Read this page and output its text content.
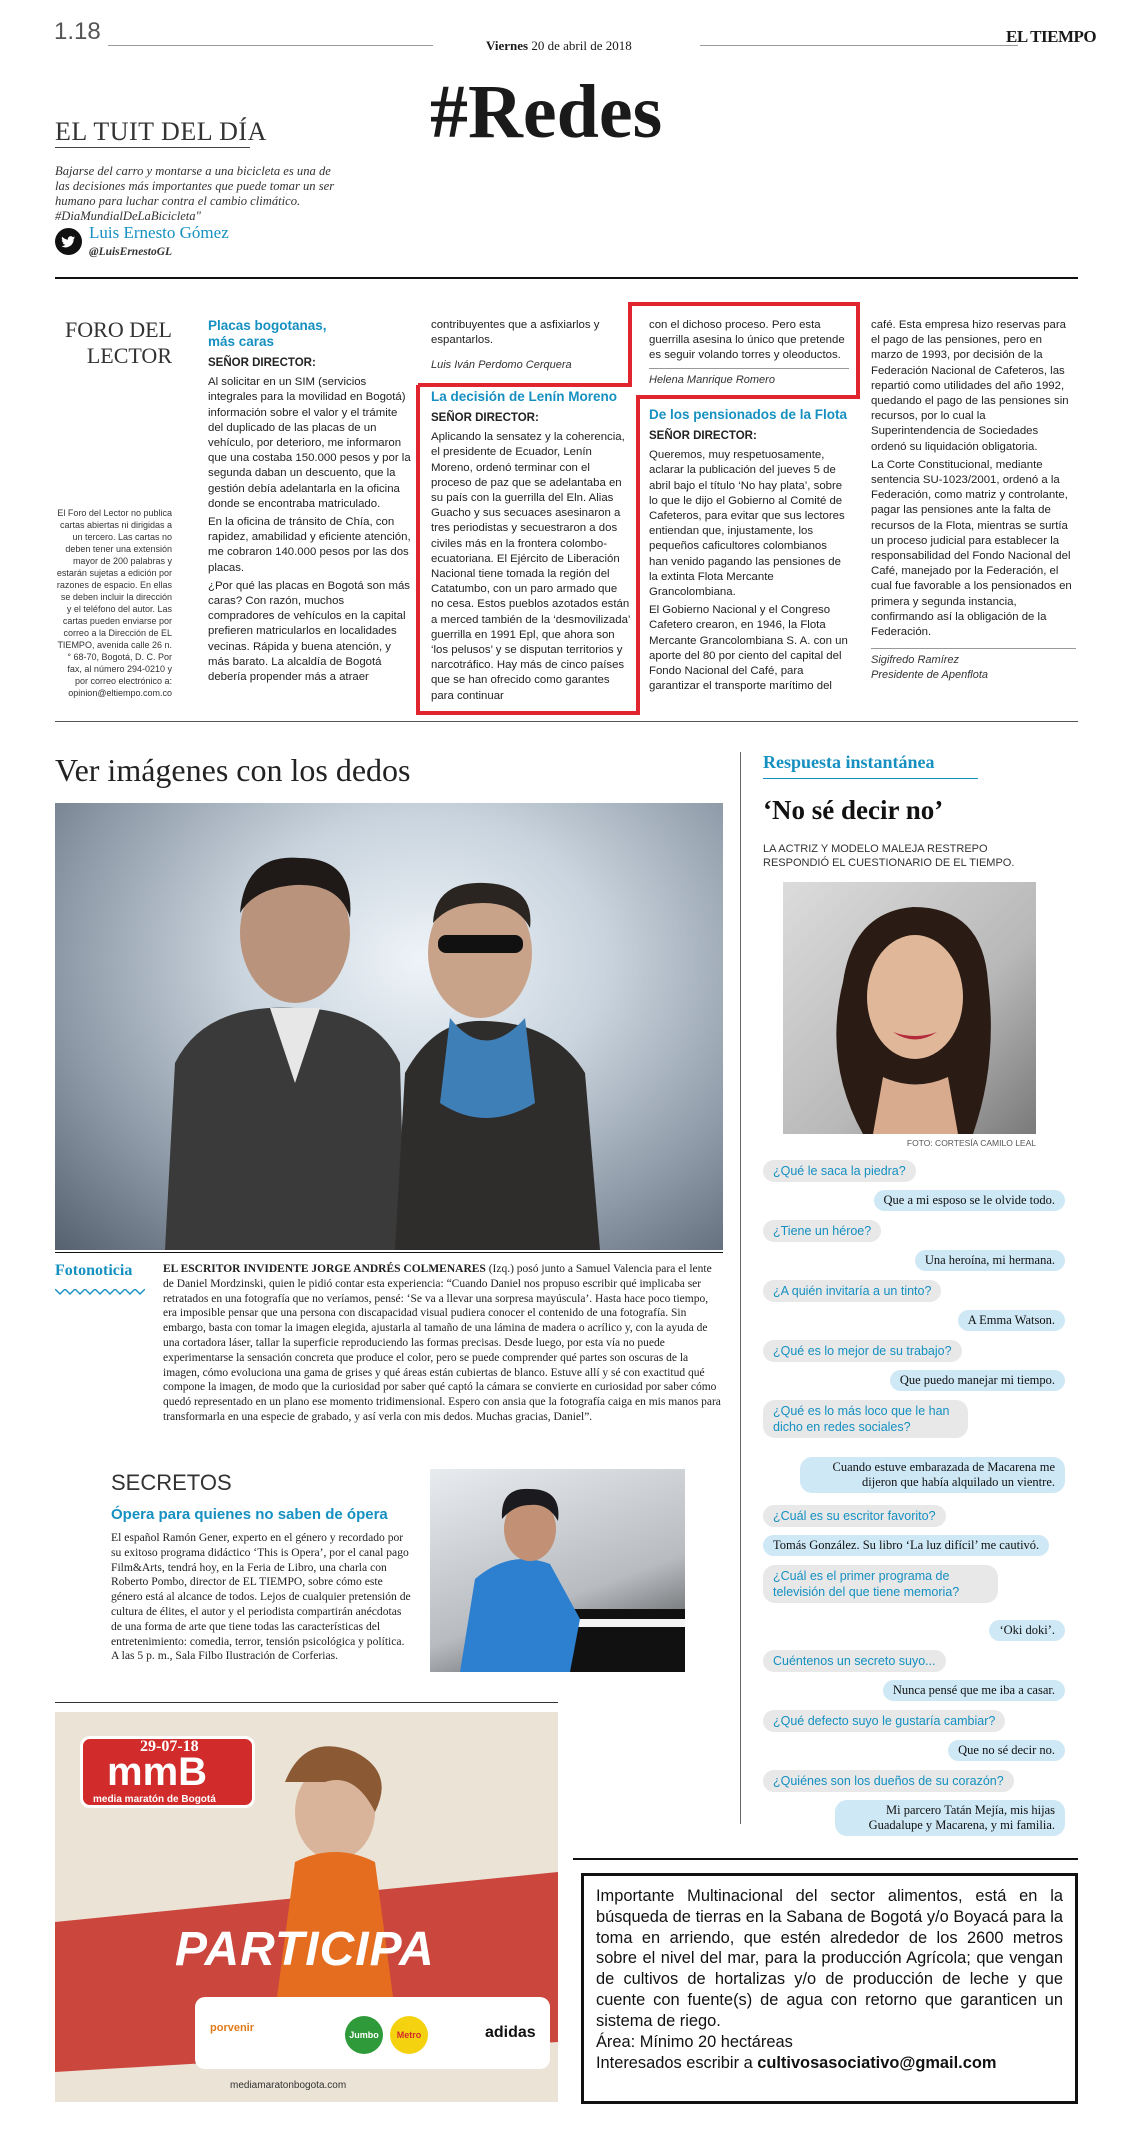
1.18
Viernes 20 de abril de 2018	EL TIEMPO
#Redes
EL TUIT DEL DÍA
Bajarse del carro y montarse a una bicicleta es una de las decisiones más importantes que puede tomar un ser humano para luchar contra el cambio climático. #DiaMundialDeLaBicicleta"
Luis Ernesto Gómez
@LuisErnestoGL
FORO DEL LECTOR
El Foro del Lector no publica cartas abiertas ni dirigidas a un tercero. Las cartas no deben tener una extensión mayor de 200 palabras y estarán sujetas a edición por razones de espacio. En ellas se deben incluir la dirección y el teléfono del autor. Las cartas pueden enviarse por correo a la Dirección de EL TIEMPO, avenida calle 26 n.° 68-70, Bogotá, D. C. Por fax, al número 294-0210 y por correo electrónico a: opinion@eltiempo.com.co
Placas bogotanas, más caras
SEÑOR DIRECTOR:

Al solicitar en un SIM (servicios integrales para la movilidad en Bogotá) información sobre el valor y el trámite del duplicado de las placas de un vehículo, por deterioro, me informaron que una costaba 150.000 pesos y por la segunda daban un descuento, que la gestión debía adelantarla en la oficina donde se encontraba matriculado.

En la oficina de tránsito de Chía, con rapidez, amabilidad y eficiente atención, me cobraron 140.000 pesos por las dos placas.

¿Por qué las placas en Bogotá son más caras? Con razón, muchos compradores de vehículos en la capital prefieren matricularlos en localidades vecinas. Rápida y buena atención, y más barato. La alcaldía de Bogotá debería propender más a atraer

contribuyentes que a asfixiarlos y espantarlos.

Luis Iván Perdomo Cerquera
La decisión de Lenín Moreno
SEÑOR DIRECTOR:

Aplicando la sensatez y la coherencia, el presidente de Ecuador, Lenín Moreno, ordenó terminar con el proceso de paz que se adelantaba en su país con la guerrilla del Eln. Alias Guacho y sus secuaces asesinaron a tres periodistas y secuestraron a dos civiles más en la frontera colombo-ecuatoriana. El Ejército de Liberación Nacional tiene tomada la región del Catatumbo, con un paro armado que no cesa. Estos pueblos azotados están a merced también de la ‘desmovilizada’ guerrilla en 1991 Epl, que ahora son ‘los pelusos’ y se disputan territorios y narcotráfico. Hay más de cinco países que se han ofrecido como garantes para continuar

con el dichoso proceso. Pero esta guerrilla asesina lo único que pretende es seguir volando torres y oleoductos.

Helena Manrique Romero
De los pensionados de la Flota
SEÑOR DIRECTOR:

Queremos, muy respetuosamente, aclarar la publicación del jueves 5 de abril bajo el título ‘No hay plata’, sobre lo que le dijo el Gobierno al Comité de Cafeteros, para evitar que sus lectores entiendan que, injustamente, los pequeños caficultores colombianos han venido pagando las pensiones de la extinta Flota Mercante Grancolombiana.

El Gobierno Nacional y el Congreso Cafetero crearon, en 1946, la Flota Mercante Grancolombiana S. A. con un aporte del 80 por ciento del capital del Fondo Nacional del Café, para garantizar el transporte marítimo del

café. Esta empresa hizo reservas para el pago de las pensiones, pero en marzo de 1993, por decisión de la Federación Nacional de Cafeteros, las repartió como utilidades del año 1992, quedando el pago de las pensiones sin recursos, por lo cual la Superintendencia de Sociedades ordenó su liquidación obligatoria.

La Corte Constitucional, mediante sentencia SU-1023/2001, ordenó a la Federación, como matriz y controlante, pagar las pensiones ante la falta de recursos de la Flota, mientras se surtía un proceso judicial para establecer la responsabilidad del Fondo Nacional del Café, manejado por la Federación, el cual fue favorable a los pensionados en primera y segunda instancia, confirmando así la obligación de la Federación.

Sigifredo Ramírez
Presidente de Apenflota
Ver imágenes con los dedos
Fotonoticia	EL ESCRITOR INVIDENTE JORGE ANDRÉS COLMENARES (Izq.) posó junto a Samuel Valencia para el lente de Daniel Mordzinski, quien le pidió contar esta experiencia: “Cuando Daniel nos propuso escribir qué implicaba ser retratados en una fotografía que no veríamos, pensé: ‘Se va a llevar una sorpresa mayúscula’. Hasta hace poco tiempo, era imposible pensar que una persona con discapacidad visual pudiera conocer el contenido de una fotografía. Sin embargo, basta con tomar la imagen elegida, ajustarla al tamaño de una lámina de madera o acrílico y, con la ayuda de una cortadora láser, tallar la superficie reproduciendo las formas precisas. Desde luego, por esta vía no puede experimentarse la sensación concreta que produce el color, pero se puede comprender qué partes son oscuras de la imagen, cómo evoluciona una gama de grises y qué áreas están cubiertas de blanco. Estuve allí y sé con exactitud qué compone la imagen, de modo que la curiosidad por saber qué captó la cámara se convierte en curiosidad por saber cómo quedó representado en un plano ese momento tridimensional. Espero con ansia que la fotografía caiga en mis manos para transformarla en una especie de grabado, y así verla con mis dedos. Muchas gracias, Daniel”.
SECRETOS
Ópera para quienes no saben de ópera
El español Ramón Gener, experto en el género y recordado por su exitoso programa didáctico ‘This is Opera’, por el canal pago Film&Arts, tendrá hoy, en la Feria de Libro, una charla con Roberto Pombo, director de EL TIEMPO, sobre cómo este género está al alcance de todos. Lejos de cualquier pretensión de cultura de élites, el autor y el periodista compartirán anécdotas de una forma de arte que tiene todas las características del entretenimiento: comedia, terror, tensión psicológica y política. A las 5 p. m., Sala Filbo Ilustración de Corferias.
29-07-18
mmB
media maratón de Bogotá
PARTICIPA
porvenir
Jumbo	Metro	adidas
mediamaratonbogota.com
Respuesta instantánea
‘No sé decir no’
LA ACTRIZ Y MODELO MALEJA RESTREPO RESPONDIÓ EL CUESTIONARIO DE EL TIEMPO.
FOTO: CORTESÍA CAMILO LEAL
¿Qué le saca la piedra?
Que a mi esposo se le olvide todo.
¿Tiene un héroe?
Una heroína, mi hermana.
¿A quién invitaría a un tinto?
A Emma Watson.
¿Qué es lo mejor de su trabajo?
Que puedo manejar mi tiempo.
¿Qué es lo más loco que le han dicho en redes sociales?
Cuando estuve embarazada de Macarena me dijeron que había alquilado un vientre.
¿Cuál es su escritor favorito?
Tomás González. Su libro ‘La luz difícil’ me cautivó.
¿Cuál es el primer programa de televisión del que tiene memoria?
‘Oki doki’.
Cuéntenos un secreto suyo...
Nunca pensé que me iba a casar.
¿Qué defecto suyo le gustaría cambiar?
Que no sé decir no.
¿Quiénes son los dueños de su corazón?
Mi parcero Tatán Mejía, mis hijas Guadalupe y Macarena, y mi familia.
Importante Multinacional del sector alimentos, está en la búsqueda de tierras en la Sabana de Bogotá y/o Boyacá para la toma en arriendo, que estén alrededor de los 2600 metros sobre el nivel del mar, para la producción Agrícola; que vengan de cultivos de hortalizas y/o de producción de leche y que cuente con fuente(s) de agua con retorno que garanticen un sistema de riego.
Área: Mínimo 20 hectáreas
Interesados escribir a cultivosasociativo@gmail.com
